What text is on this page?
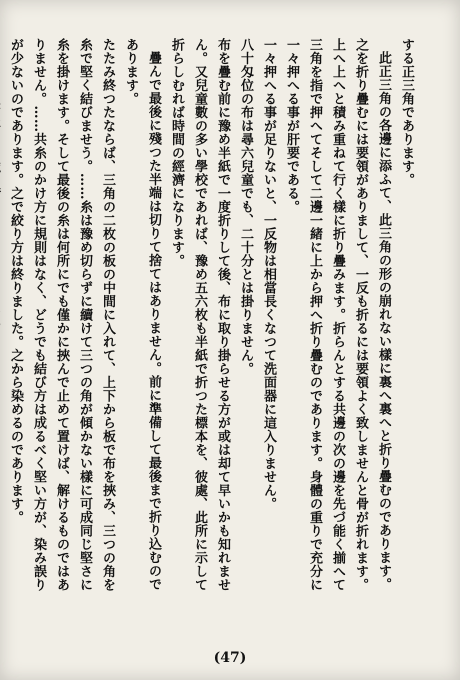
する正三角であります。

此正三角の各邊に添ふて、此三角の形の崩れない樣に裏へ裏へと折り疊むのであります。之を折り疊むには要領がありまして、一反も折るには要領よく致しませんと骨が折れます。

上へ上へと積み重ねて行く樣に折り疊みます。折らんとする共邊の次の邊を先づ能く揃へて三角を指で押へてそして二邊一緒に上から押へ折り疊むのであります。身體の重りで充分に一々押へる事が肝要である。

一々押へる事が足りないと、一反物は相當長くなつて洗面器に這入りません。

八十匁位の布は尋六兒童でも、二十分とは掛りません。

布を疊む前に豫め半紙で一度折りして後、布に取り掛らせる方が或は却て早いかも知れません。又兒童數の多い學校であれば、豫め五六枚も半紙で折つた標本を、彼處、此所に示して折らしむれば時間の經濟になります。

疊んで最後に殘つた半端は切りて捨てはありません。前に準備して最後まで折り込むのであります。

たたみ終つたならば、三角の二枚の板の中間に入れて、上下から板で布を挾み、三つの角を糸で堅く結びませう。……糸は豫め切らずに續けて三つの角が傾かない樣に可成同じ堅さに糸を掛けます。そして最後の糸は何所にでも僅かに挾んで止めて置けば、解けるものではありません。……共糸のかけ方に規則はなく、どうでも結び方は成るべく堅い方が、染み誤りが少ないのであります。之で絞り方は終りました。之から染めるのであります。

(47)
